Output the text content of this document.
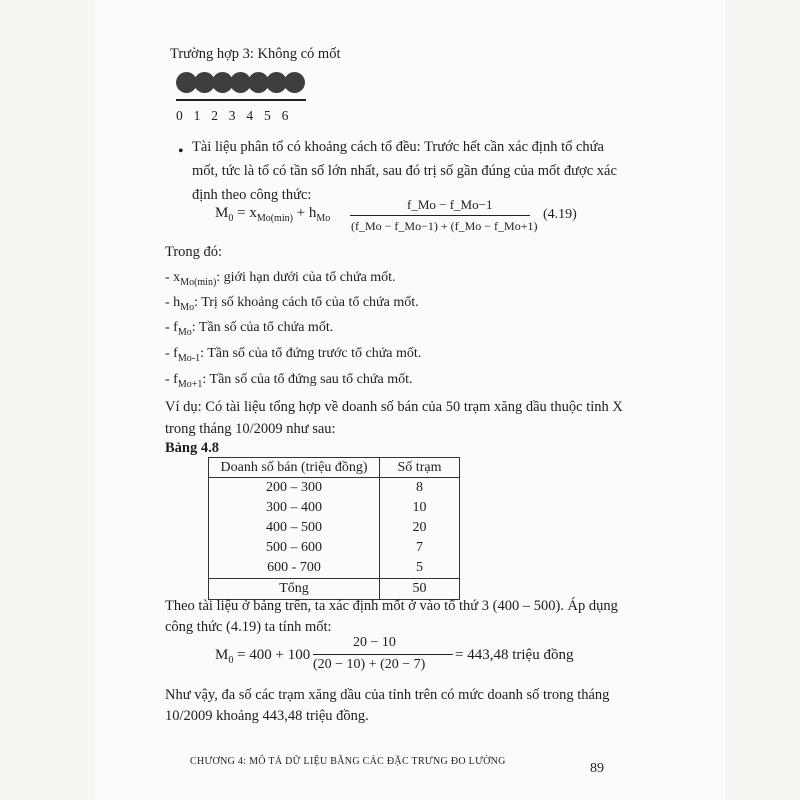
Trường hợp 3: Không có mốt
0 1 2 3 4 5 6
• Tài liệu phân tổ có khoảng cách tổ đều: Trước hết cần xác định tổ chứa mốt, tức là tổ có tần số lớn nhất, sau đó trị số gần đúng của mốt được xác định theo công thức:
$M_0 = x_{Mo(min)} + h_{Mo}$
f_Mo − f_Mo−1
(f_Mo − f_Mo−1) + (f_Mo − f_Mo+1)
(4.19)
Trong đó:
- $x_{Mo(min)}$: giới hạn dưới của tổ chứa mốt.
- $h_{Mo}$: Trị số khoảng cách tổ của tổ chứa mốt.
- $f_{Mo}$: Tần số của tổ chứa mốt.
- $f_{Mo-1}$: Tần số của tổ đứng trước tổ chứa mốt.
- $f_{Mo+1}$: Tần số của tổ đứng sau tổ chứa mốt.
Ví dụ: Có tài liệu tổng hợp về doanh số bán của 50 trạm xăng dầu thuộc tỉnh X trong tháng 10/2009 như sau:
Bảng 4.8
Doanh số bán (triệu đồng)	Số trạm
200 – 300	8
300 – 400	10
400 – 500	20
500 – 600	7
600 - 700	5
Tổng	50
Theo tài liệu ở bảng trên, ta xác định mốt ở vào tổ thứ 3 (400 – 500). Áp dụng công thức (4.19) ta tính mốt:
$M_0 = 400 + 100$
20 − 10
(20 − 10) + (20 − 7)
= 443,48 triệu đồng
Như vậy, đa số các trạm xăng dầu của tỉnh trên có mức doanh số trong tháng 10/2009 khoảng 443,48 triệu đồng.
CHƯƠNG 4: MÔ TẢ DỮ LIỆU BẰNG CÁC ĐẶC TRƯNG ĐO LƯỜNG	89
